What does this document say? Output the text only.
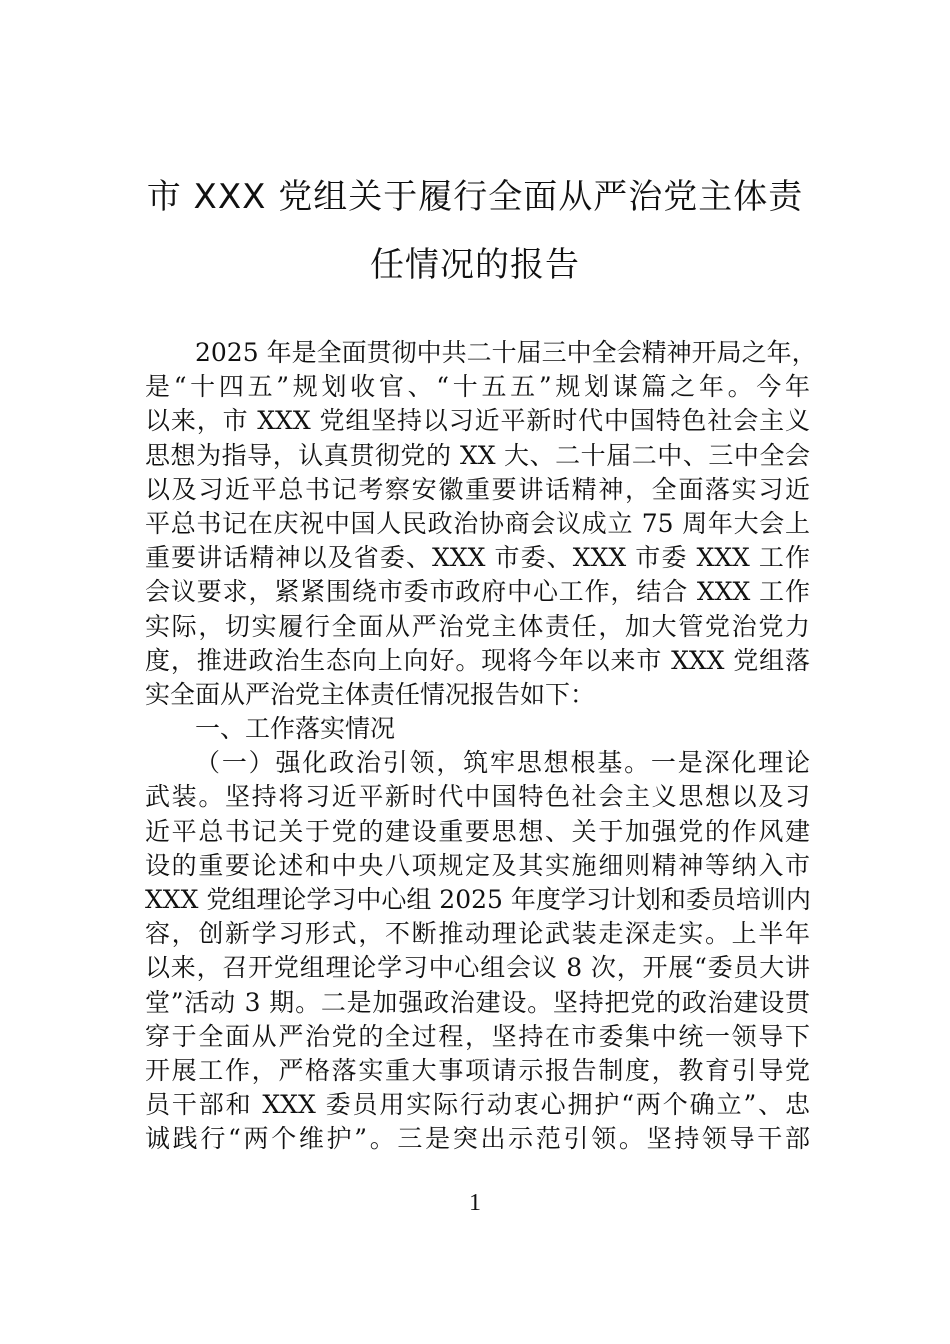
市 XXX 党组关于履行全面从严治党主体责
任情况的报告
2025 年是全面贯彻中共二十届三中全会精神开局之年，
是“十四五”规划收官、“十五五”规划谋篇之年。今年
以来，市 XXX 党组坚持以习近平新时代中国特色社会主义
思想为指导，认真贯彻党的 XX 大、二十届二中、三中全会
以及习近平总书记考察安徽重要讲话精神，全面落实习近
平总书记在庆祝中国人民政治协商会议成立 75 周年大会上
重要讲话精神以及省委、XXX 市委、XXX 市委 XXX 工作
会议要求，紧紧围绕市委市政府中心工作，结合 XXX 工作
实际，切实履行全面从严治党主体责任，加大管党治党力
度，推进政治生态向上向好。现将今年以来市 XXX 党组落
实全面从严治党主体责任情况报告如下：
一、工作落实情况
（一）强化政治引领，筑牢思想根基。一是深化理论
武装。坚持将习近平新时代中国特色社会主义思想以及习
近平总书记关于党的建设重要思想、关于加强党的作风建
设的重要论述和中央八项规定及其实施细则精神等纳入市
XXX 党组理论学习中心组 2025 年度学习计划和委员培训内
容，创新学习形式，不断推动理论武装走深走实。上半年
以来，召开党组理论学习中心组会议 8 次，开展“委员大讲
堂”活动 3 期。二是加强政治建设。坚持把党的政治建设贯
穿于全面从严治党的全过程，坚持在市委集中统一领导下
开展工作，严格落实重大事项请示报告制度，教育引导党
员干部和 XXX 委员用实际行动衷心拥护“两个确立”、忠
诚践行“两个维护”。三是突出示范引领。坚持领导干部
1
